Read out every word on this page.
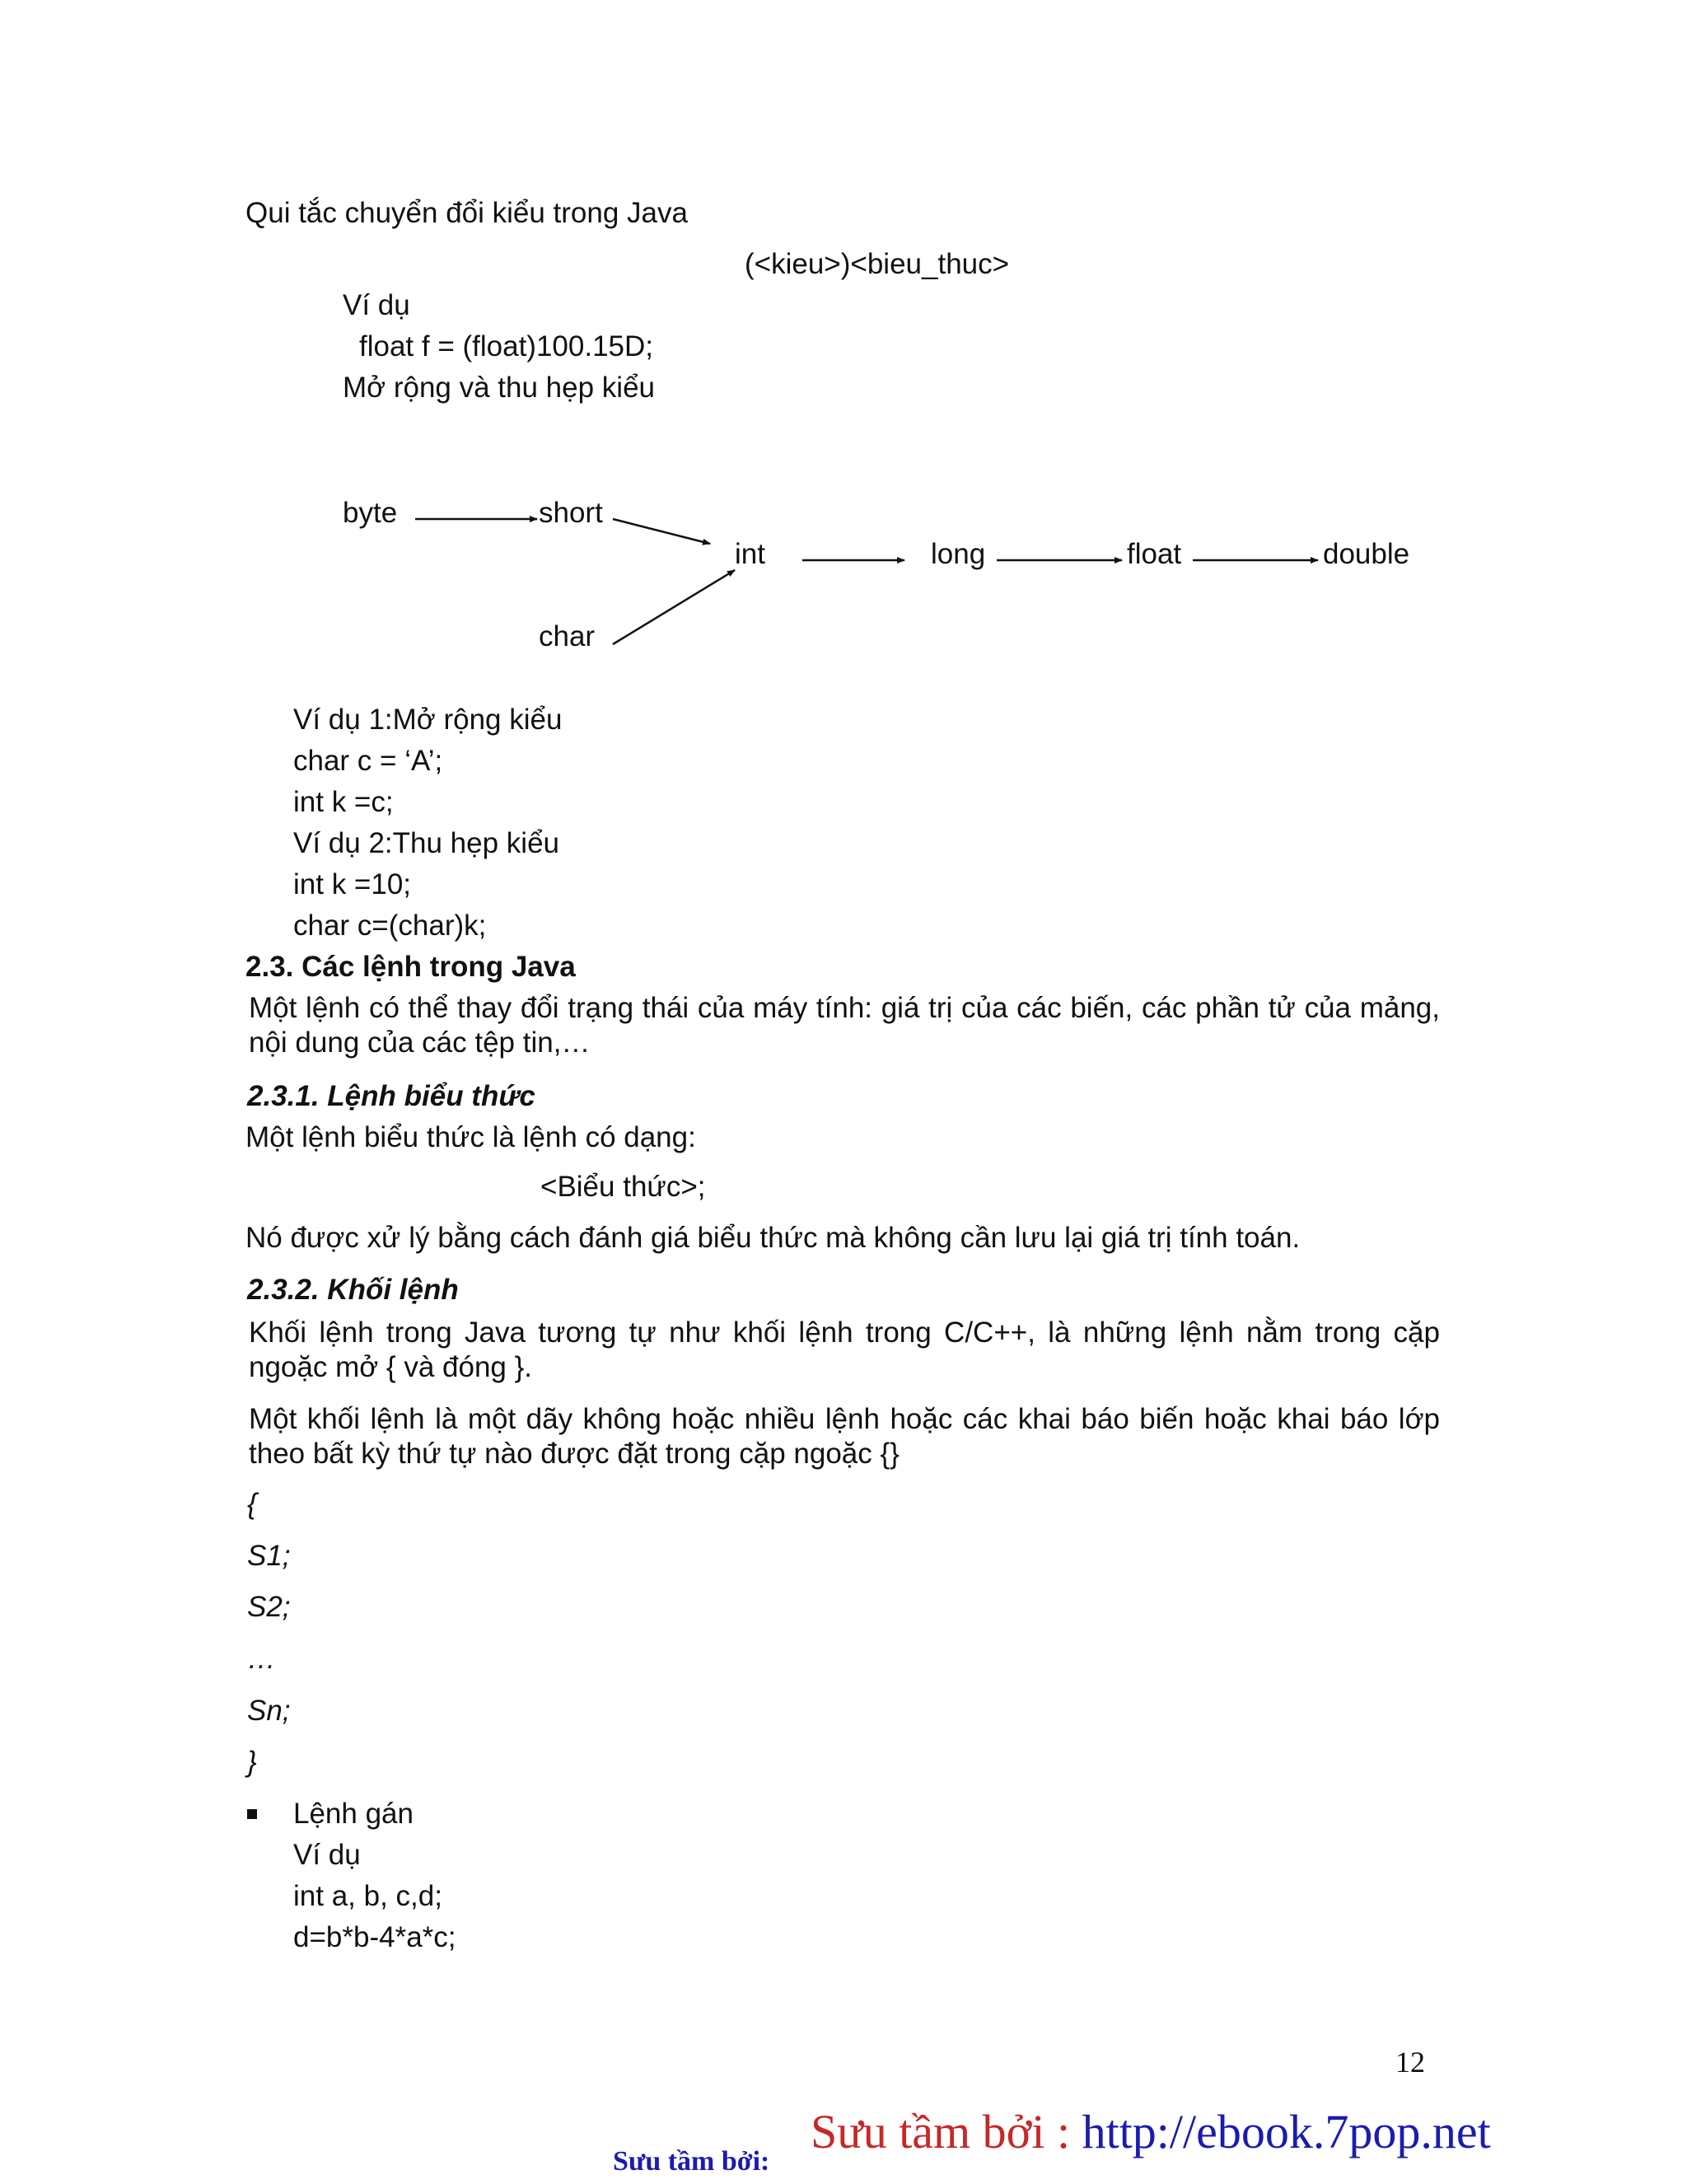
Qui tắc chuyển đổi kiểu trong Java
(<kieu>)<bieu_thuc>
Ví dụ
float f = (float)100.15D;
Mở rộng và thu hẹp kiểu
byte	short
int	long	float	double
char
Ví dụ 1:Mở rộng kiểu
char c = ‘A’;
int k =c;
Ví dụ 2:Thu hẹp kiểu
int k =10;
char c=(char)k;
2.3. Các lệnh trong Java
Một lệnh có thể thay đổi trạng thái của máy tính: giá trị của các biến, các phần tử của mảng, nội dung của các tệp tin,…
2.3.1. Lệnh biểu thức
Một lệnh biểu thức là lệnh có dạng:
<Biểu thức>;
Nó được xử lý bằng cách đánh giá biểu thức mà không cần lưu lại giá trị tính toán.
2.3.2. Khối lệnh
Khối lệnh trong Java tương tự như khối lệnh trong C/C++, là những lệnh nằm trong cặp ngoặc mở { và đóng }.
Một khối lệnh là một dãy không hoặc nhiều lệnh hoặc các khai báo biến hoặc khai báo lớp theo bất kỳ thứ tự nào được đặt trong cặp ngoặc {}
{
S1;
S2;
…
Sn;
}
Lệnh gán
Ví dụ
int a, b, c,d;
d=b*b-4*a*c;
12
Sưu tầm bởi:
Sưu tầm bởi : http://ebook.7pop.net
